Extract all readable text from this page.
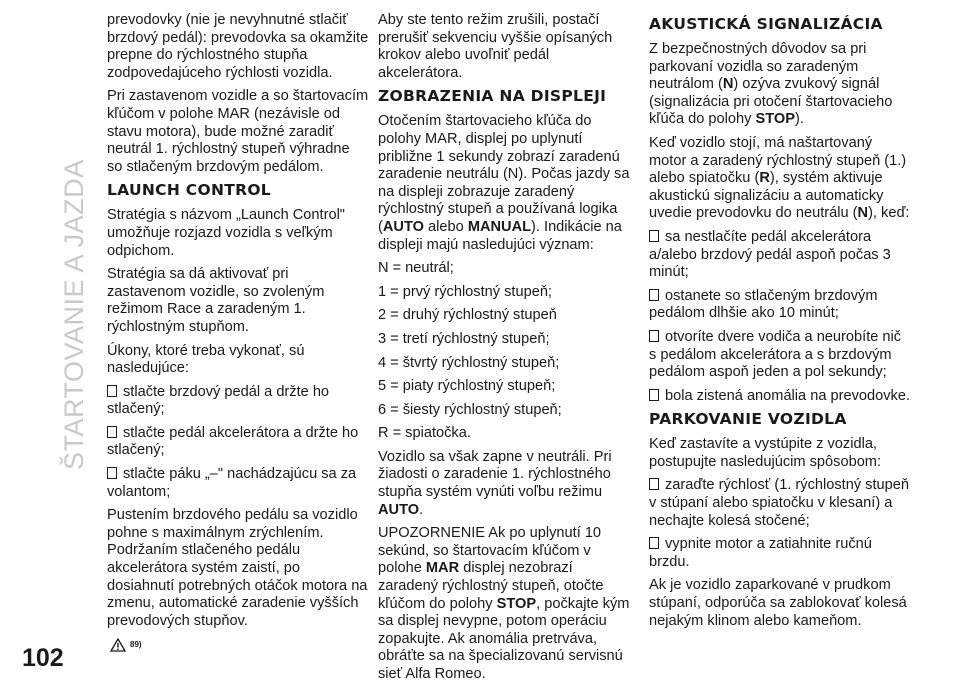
ŠTARTOVANIE A JAZDA
102

prevodovky (nie je nevyhnutné stlačiť brzdový pedál): prevodovka sa okamžite prepne do rýchlostného stupňa zodpovedajúceho rýchlosti vozidla.

Pri zastavenom vozidle a so štartovacím kľúčom v polohe MAR (nezávisle od stavu motora), bude možné zaradiť neutrál 1. rýchlostný stupeň výhradne so stlačeným brzdovým pedálom.

LAUNCH CONTROL

Stratégia s názvom „Launch Control" umožňuje rozjazd vozidla s veľkým odpichom.

Stratégia sa dá aktivovať pri zastavenom vozidle, so zvoleným režimom Race a zaradeným 1. rýchlostným stupňom.

Úkony, ktoré treba vykonať, sú nasledujúce:

stlačte brzdový pedál a držte ho stlačený;
stlačte pedál akcelerátora a držte ho stlačený;
stlačte páku „–" nachádzajúcu sa za volantom;

Pustením brzdového pedálu sa vozidlo pohne s maximálnym zrýchlením. Podržaním stlačeného pedálu akcelerátora systém zaistí, po dosiahnutí potrebných otáčok motora na zmenu, automatické zaradenie vyšších prevodových stupňov.

89)

Aby ste tento režim zrušili, postačí prerušiť sekvenciu vyššie opísaných krokov alebo uvoľniť pedál akcelerátora.

ZOBRAZENIA NA DISPLEJI

Otočením štartovacieho kľúča do polohy MAR, displej po uplynutí približne 1 sekundy zobrazí zaradenú zaradenie neutrálu (N). Počas jazdy sa na displeji zobrazuje zaradený rýchlostný stupeň a používaná logika (AUTO alebo MANUAL). Indikácie na displeji majú nasledujúci význam:

N = neutrál;

1 = prvý rýchlostný stupeň;

2 = druhý rýchlostný stupeň

3 = tretí rýchlostný stupeň;

4 = štvrtý rýchlostný stupeň;

5 = piaty rýchlostný stupeň;

6 = šiesty rýchlostný stupeň;

R = spiatočka.

Vozidlo sa však zapne v neutráli. Pri žiadosti o zaradenie 1. rýchlostného stupňa systém vynúti voľbu režimu AUTO.

UPOZORNENIE Ak po uplynutí 10 sekúnd, so štartovacím kľúčom v polohe MAR displej nezobrazí zaradený rýchlostný stupeň, otočte kľúčom do polohy STOP, počkajte kým sa displej nevypne, potom operáciu zopakujte. Ak anomália pretrváva, obráťte sa na špecializovanú servisnú sieť Alfa Romeo.

AKUSTICKÁ SIGNALIZÁCIA

Z bezpečnostných dôvodov sa pri parkovaní vozidla so zaradeným neutrálom (N) ozýva zvukový signál (signalizácia pri otočení štartovacieho kľúča do polohy STOP).

Keď vozidlo stojí, má naštartovaný motor a zaradený rýchlostný stupeň (1.) alebo spiatočku (R), systém aktivuje akustickú signalizáciu a automaticky uvedie prevodovku do neutrálu (N), keď:

sa nestlačíte pedál akcelerátora a/alebo brzdový pedál aspoň počas 3 minút;
ostanete so stlačeným brzdovým pedálom dlhšie ako 10 minút;
otvoríte dvere vodiča a neurobíte nič s pedálom akcelerátora a s brzdovým pedálom aspoň jeden a pol sekundy;
bola zistená anomália na prevodovke.
PARKOVANIE VOZIDLA

Keď zastavíte a vystúpite z vozidla, postupujte nasledujúcim spôsobom:

zaraďte rýchlosť (1. rýchlostný stupeň v stúpaní alebo spiatočku v klesaní) a nechajte kolesá stočené;
vypnite motor a zatiahnite ručnú brzdu.

Ak je vozidlo zaparkované v prudkom stúpaní, odporúča sa zablokovať kolesá nejakým klinom alebo kameňom.
